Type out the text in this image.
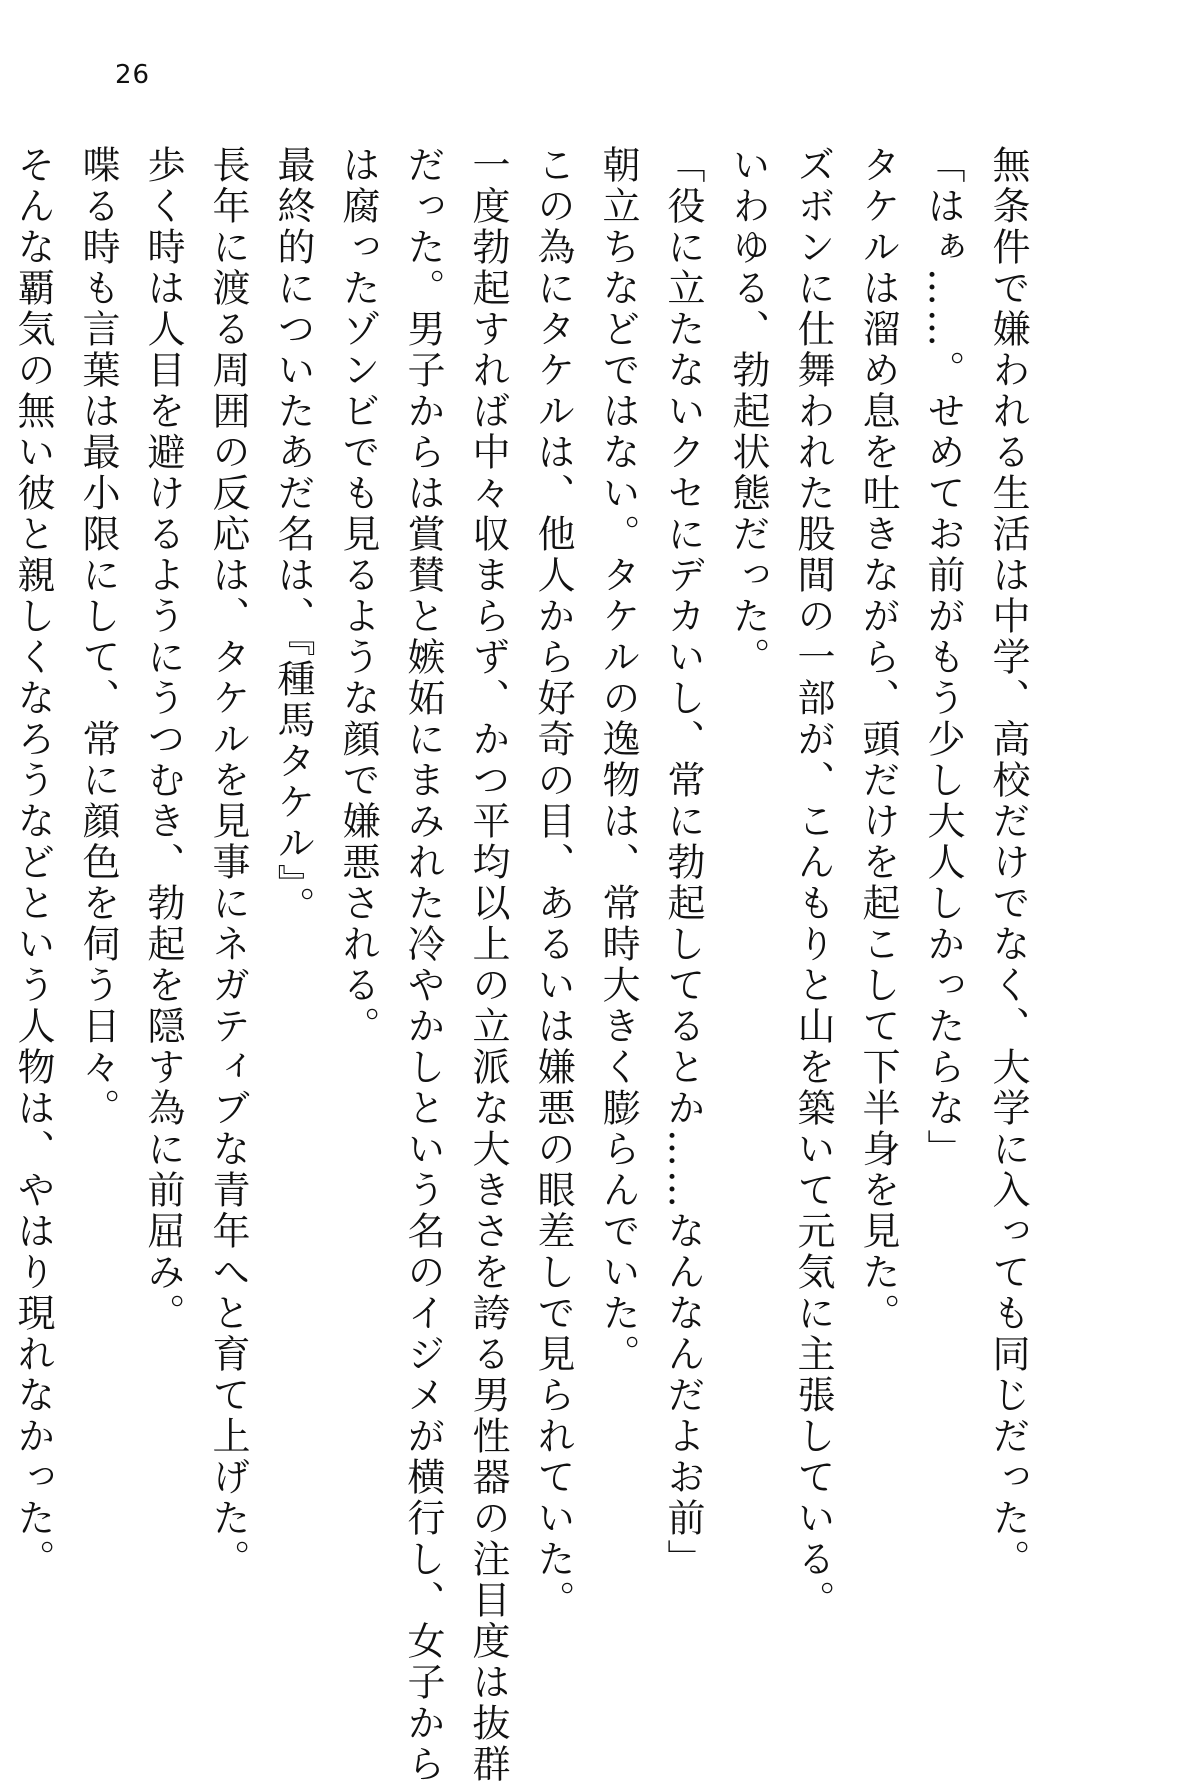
26
無条件で嫌われる生活は中学、高校だけでなく、大学に入っても同じだった。
「はぁ……。せめてお前がもう少し大人しかったらな」
タケルは溜め息を吐きながら、頭だけを起こして下半身を見た。
ズボンに仕舞われた股間の一部が、こんもりと山を築いて元気に主張している。
いわゆる、勃起状態だった。
「役に立たないクセにデカいし、常に勃起してるとか……なんなんだよお前」
朝立ちなどではない。タケルの逸物は、常時大きく膨らんでいた。
この為にタケルは、他人から好奇の目、あるいは嫌悪の眼差しで見られていた。
一度勃起すれば中々収まらず、かつ平均以上の立派な大きさを誇る男性器の注目度は抜群
だった。男子からは賞賛と嫉妬にまみれた冷やかしという名のイジメが横行し、女子から
は腐ったゾンビでも見るような顔で嫌悪される。
最終的についたあだ名は、『種馬タケル』。
長年に渡る周囲の反応は、タケルを見事にネガティブな青年へと育て上げた。
歩く時は人目を避けるようにうつむき、勃起を隠す為に前屈み。
喋る時も言葉は最小限にして、常に顔色を伺う日々。
そんな覇気の無い彼と親しくなろうなどという人物は、やはり現れなかった。
